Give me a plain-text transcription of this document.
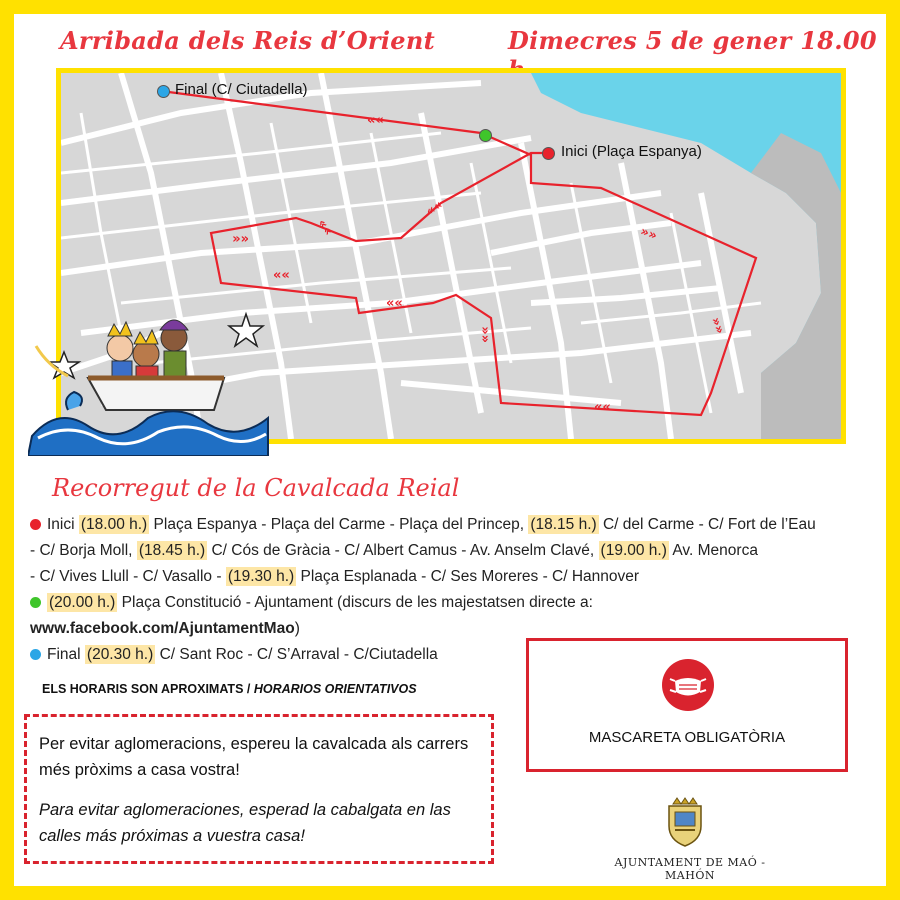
Arribada dels Reis d’Orient	Dimecres 5 de gener 18.00
««
««
««
««
««
««
««
««
««
««
Final (C/ Ciutadella)
Inici (Plaça Espanya)
Recorregut de la Cavalcada Reial
Inici (18.00 h.) Plaça Espanya - Plaça del Carme - Plaça del Princep, (18.15 h.) C/ del Carme - C/ Fort de l’Eau
- C/ Borja Moll, (18.45 h.) C/ Cós de Gràcia - C/ Albert Camus - Av. Anselm Clavé, (19.00 h.) Av. Menorca
- C/ Vives Llull - C/ Vasallo - (19.30 h.) Plaça Esplanada - C/ Ses Moreres - C/ Hannover
(20.00 h.) Plaça Constitució - Ajuntament (discurs de les majestatsen directe a:
www.facebook.com/AjuntamentMao)
Final (20.30 h.) C/ Sant Roc - C/ S’Arraval - C/Ciutadella
ELS HORARIS SON APROXIMATS / HORARIOS ORIENTATIVOS
Per evitar aglomeracions, espereu la cavalcada als carrers més pròxims a casa vostra!
Para evitar aglomeraciones, esperad la cabalgata en las calles más próximas a vuestra casa!
MASCARETA OBLIGATÒRIA
AJUNTAMENT DE MAÓ - MAHÓN
